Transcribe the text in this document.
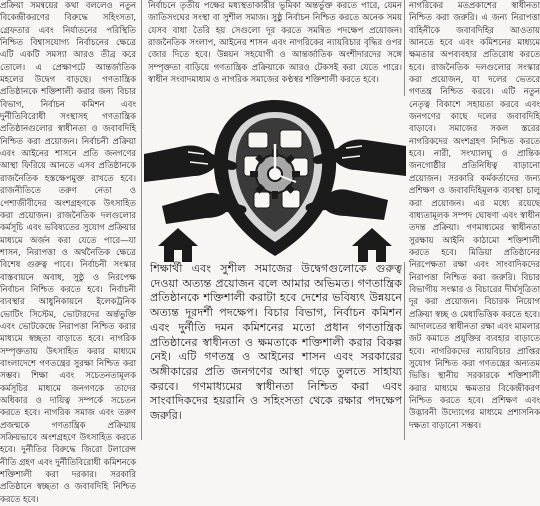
প্রক্রিয়া সমন্বয়ের কথা বললেও নতুন বিকেন্দ্রীকরণের বিরুদ্ধে সহিংসতা, গ্রেফতার এবং নির্যাতনের পরিস্থিতি নিশ্চিত বিশ্বাসযোগ্য নির্বাচনের ক্ষেত্রে এটি একটি সমস্যা আরও তীব্র করে তোলে। এ প্রেক্ষাপটে আন্তর্জাতিক মহলের উদ্বেগ বাড়ছে। গণতান্ত্রিক প্রতিষ্ঠানকে শক্তিশালী করার জন্য বিচার বিভাগ, নির্বাচন কমিশন এবং দুর্নীতিবিরোধী সংস্থাসহ গণতান্ত্রিক প্রতিষ্ঠানগুলোর স্বাধীনতা ও জবাবদিহি নিশ্চিত করা প্রয়োজন। নির্বাচনী প্রক্রিয়া এবং আইনের শাসনে প্রতি জনগণের আস্থা ফিরিয়ে আনতে এসব প্রতিষ্ঠানকে রাজনৈতিক হস্তক্ষেপমুক্ত রাখতে হবে। রাজনীতিতে তরুণ নেতা ও পেশাজীবীদের অংশগ্রহণকে উৎসাহিত করা প্রয়োজন। রাজনৈতিক দলগুলোর কর্মসূচি এবং ভবিষ্যতের সুযোগ প্রক্রিয়ার মাধ্যমে অর্জন করা যেতে পারে—যা শাসন, নিরাপত্তা ও অর্থনৈতিক ক্ষেত্রে বিশেষ গুরুত্ব পাবে। নির্বাচনী সংস্কার বাস্তবায়নে অবাধ, সুষ্ঠু ও নিরপেক্ষ নির্বাচন নিশ্চিত করতে হবে। নির্বাচনী ব্যবস্থার আধুনিকায়নে ইলেকট্রনিক ভোটিং সিস্টেম, ভোটারদের অর্ন্তভুক্তি এবং ভোটকেন্দ্রে নিরাপত্তা নিশ্চিত করার মাধ্যমে স্বচ্ছতা বাড়াতে হবে। নাগরিক সম্পৃক্ততায় উৎসাহিত করার মাধ্যমে বাংলাদেশে গণতন্ত্রের সুরক্ষা নিশ্চিত করা সম্ভব। শিক্ষা এবং সচেতনতামূলক কর্মসূচির মাধ্যমে জনগণকে তাদের অধিকার ও দায়িত্ব সম্পর্কে সচেতন করতে হবে। নাগরিক সমাজ এবং তরুণ প্রজন্মকে গণতান্ত্রিক প্রক্রিয়ায় সক্রিয়ভাবে অংশগ্রহণে উৎসাহিত করতে হবে। দুর্নীতির বিরুদ্ধে জিরো টলারেন্স নীতি গ্রহণ এবং দুর্নীতিবিরোধী কমিশনকে শক্তিশালী করা দরকার। সরকারি প্রতিষ্ঠানে স্বচ্ছতা ও জবাবদিহি নিশ্চিত করতে হবে।

নির্বাচনে তৃতীয় পক্ষের মধ্যস্থতাকারীর ভূমিকা অন্তর্ভুক্ত করতে পারে, যেমন জাতিসংঘের সংস্থা বা সুশীল সমাজ। সুষ্ঠু নির্বাচন নিশ্চিত করতে অনেক সময় যেসব বাধা তৈরি হয় সেগুলো দূর করতে সমন্বিত পদক্ষেপ প্রয়োজন। রাজনৈতিক সংলাপ, আইনের শাসন এবং নাগরিকের ন্যায়বিচার বৃদ্ধির ওপর জোর দিতে হবে। উন্নয়ন সহযোগী ও আন্তর্জাতিক অংশীদারদের সঙ্গে সম্পৃক্ততা বাড়িয়ে গণতান্ত্রিক প্রক্রিয়াকে আরও টেকসই করা যেতে পারে। স্বাধীন সংবাদমাধ্যম ও নাগরিক সমাজের কণ্ঠস্বর শক্তিশালী করতে হবে।

নাগরিকের মতপ্রকাশের স্বাধীনতা নিশ্চিত করা জরুরি। এ জন্য নিরাপত্তা বাহিনীকে জবাবদিহির আওতায় আনতে হবে এবং কমিশনের মাধ্যমে ক্ষমতার অপব্যবহার প্রতিরোধ করতে হবে। রাজনৈতিক দলগুলোর সংস্কার করা প্রয়োজন, যা দলের ভেতরে গণতন্ত্র নিশ্চিত করবে। এটি নতুন নেতৃত্ব বিকাশে সহায়তা করবে এবং জনগণের কাছে দলের জবাবদিহি বাড়াবে। সমাজের সকল স্তরের নাগরিকদের অংশগ্রহণ নিশ্চিত করতে হবে। নারী, সংখ্যালঘু ও প্রান্তিক জনগোষ্ঠীর প্রতিনিধিত্ব বাড়ানো প্রয়োজন। সরকারি কর্মকর্তাদের জন্য প্রশিক্ষণ ও জবাবদিহিমূলক ব্যবস্থা চালু করা প্রয়োজন। এর মধ্যে রয়েছে বাধ্যতামূলক সম্পদ ঘোষণা এবং স্বাধীন তদন্ত প্রক্রিয়া। গণমাধ্যমের স্বাধীনতা সুরক্ষায় আইনি কাঠামো শক্তিশালী করতে হবে। মিডিয়া প্রতিষ্ঠানের নিরপেক্ষতা রক্ষা এবং সাংবাদিকদের নিরাপত্তা নিশ্চিত করা জরুরি। বিচার বিভাগীয় সংস্কার ও বিচারের দীর্ঘসূত্রিতা দূর করা প্রয়োজন। বিচারক নিয়োগ প্রক্রিয়া স্বচ্ছ ও মেধাভিত্তিক করতে হবে। আদালতের স্বাধীনতা রক্ষা এবং মামলার জট কমাতে প্রযুক্তির ব্যবহার বাড়াতে হবে। নাগরিকদের ন্যায়বিচার প্রাপ্তির সুযোগ নিশ্চিত করা গণতন্ত্রের অন্যতম ভিত্তি। স্থানীয় সরকারকে শক্তিশালী করার মাধ্যমে ক্ষমতার বিকেন্দ্রীকরণ নিশ্চিত করতে হবে। প্রশিক্ষণ এবং উদ্ভাবনী উদ্যোগের মাধ্যমে প্রশাসনিক দক্ষতা বাড়ানো সম্ভব।

শিক্ষার্থী এবং সুশীল সমাজের উদ্বেগগুলোকে গুরুত্ব দেওয়া অত্যন্ত প্রয়োজন বলে আমার অভিমত। গণতান্ত্রিক প্রতিষ্ঠানকে শক্তিশালী করাটা হবে দেশের ভবিষ্যৎ উন্নয়নে অত্যন্ত দূরদর্শী পদক্ষেপ। বিচার বিভাগ, নির্বাচন কমিশন এবং দুর্নীতি দমন কমিশনের মতো প্রধান গণতান্ত্রিক প্রতিষ্ঠানের স্বাধীনতা ও ক্ষমতাকে শক্তিশালী করার বিকল্প নেই। এটি গণতন্ত্র ও আইনের শাসন এবং সরকারের অঙ্গীকারের প্রতি জনগণের আস্থা গড়ে তুলতে সাহায্য করবে। গণমাধ্যমের স্বাধীনতা নিশ্চিত করা এবং সাংবাদিকদের হয়রানি ও সহিংসতা থেকে রক্ষার পদক্ষেপ জরুরি।
